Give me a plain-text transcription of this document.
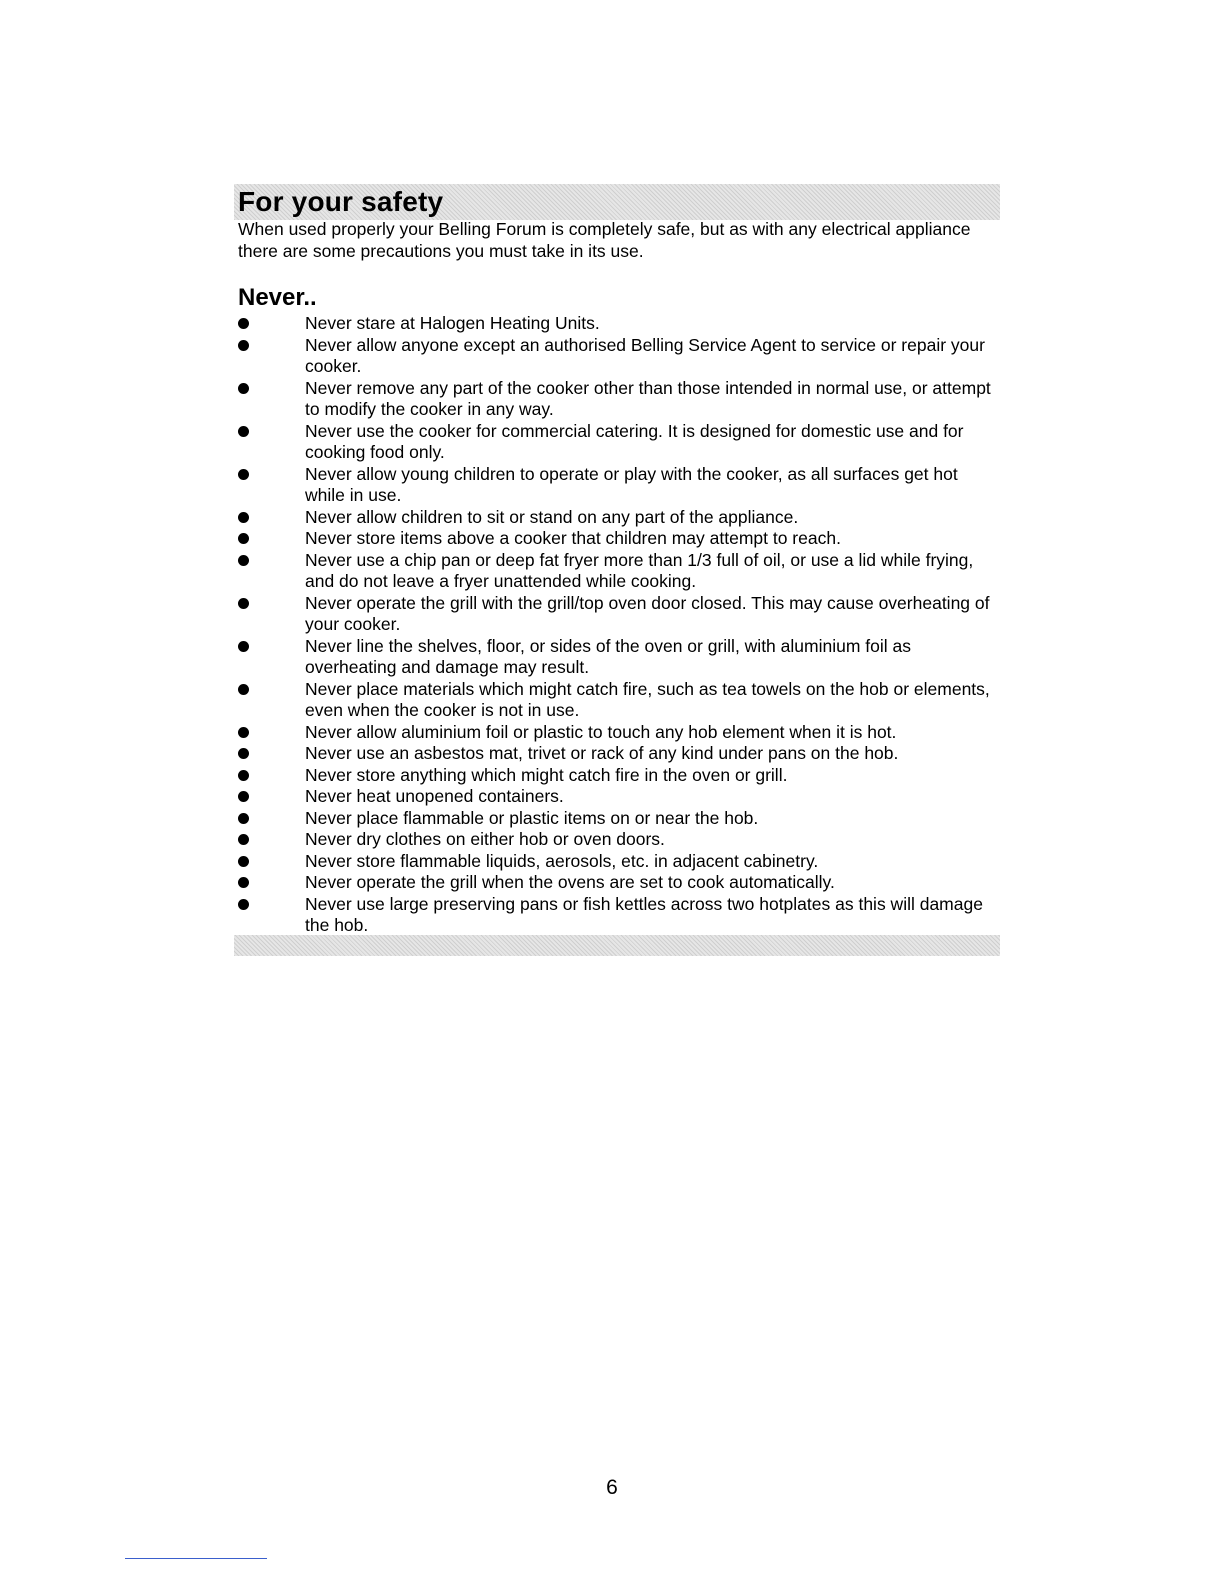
For your safety

When used properly your Belling Forum is completely safe, but as with any electrical appliance there are some precautions you must take in its use.

Never..
Never stare at Halogen Heating Units.
Never allow anyone except an authorised Belling Service Agent to service or repair your cooker.
Never remove any part of the cooker other than those intended in normal use, or attempt to modify the cooker in any way.
Never use the cooker for commercial catering. It is designed for domestic use and for cooking food only.
Never allow young children to operate or play with the cooker, as all surfaces get hot while in use.
Never allow children to sit or stand on any part of the appliance.
Never store items above a cooker that children may attempt to reach.
Never use a chip pan or deep fat fryer more than 1/3 full of oil, or use a lid while frying, and do not leave a fryer unattended while cooking.
Never operate the grill with the grill/top oven door closed. This may cause overheating of your cooker.
Never line the shelves, floor, or sides of the oven or grill, with aluminium foil as overheating and damage may result.
Never place materials which might catch fire, such as tea towels on the hob or elements, even when the cooker is not in use.
Never allow aluminium foil or plastic to touch any hob element when it is hot.
Never use an asbestos mat, trivet or rack of any kind under pans on the hob.
Never store anything which might catch fire in the oven or grill.
Never heat unopened containers.
Never place flammable or plastic items on or near the hob.
Never dry clothes on either hob or oven doors.
Never store flammable liquids, aerosols, etc. in adjacent cabinetry.
Never operate the grill when the ovens are set to cook automatically.
Never use large preserving pans or fish kettles across two hotplates as this will damage the hob.
6
